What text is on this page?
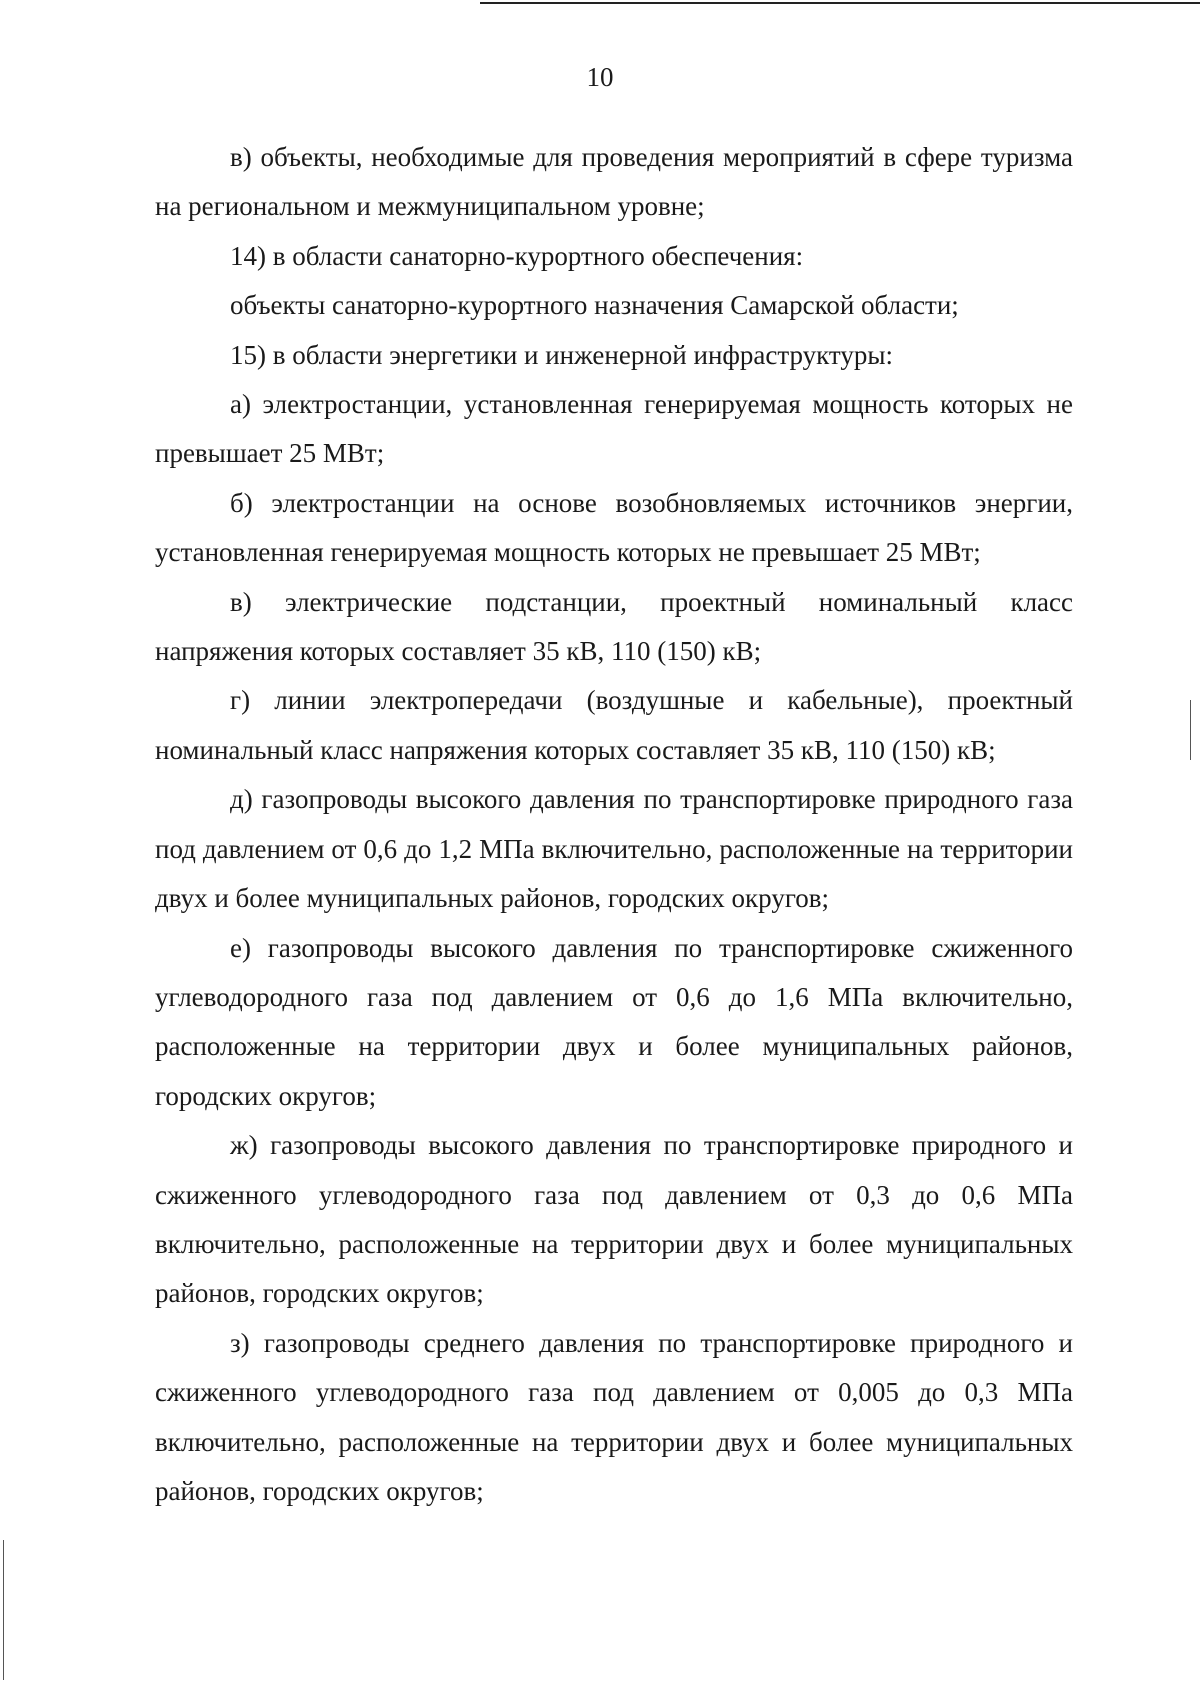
10

в) объекты, необходимые для проведения мероприятий в сфере туризма на региональном и межмуниципальном уровне;

14) в области санаторно-курортного обеспечения:

объекты санаторно-курортного назначения Самарской области;

15) в области энергетики и инженерной инфраструктуры:

а) электростанции, установленная генерируемая мощность которых не превышает 25 МВт;

б) электростанции на основе возобновляемых источников энергии, установленная генерируемая мощность которых не превышает 25 МВт;

в) электрические подстанции, проектный номинальный класс напряжения которых составляет 35 кВ, 110 (150) кВ;

г) линии электропередачи (воздушные и кабельные), проектный номинальный класс напряжения которых составляет 35 кВ, 110 (150) кВ;

д) газопроводы высокого давления по транспортировке природного газа под давлением от 0,6 до 1,2 МПа включительно, расположенные на территории двух и более муниципальных районов, городских округов;

е) газопроводы высокого давления по транспортировке сжиженного углеводородного газа под давлением от 0,6 до 1,6 МПа включительно, расположенные на территории двух и более муниципальных районов, городских округов;

ж) газопроводы высокого давления по транспортировке природного и сжиженного углеводородного газа под давлением от 0,3 до 0,6 МПа включительно, расположенные на территории двух и более муниципальных районов, городских округов;

з) газопроводы среднего давления по транспортировке природного и сжиженного углеводородного газа под давлением от 0,005 до 0,3 МПа включительно, расположенные на территории двух и более муниципальных районов, городских округов;
